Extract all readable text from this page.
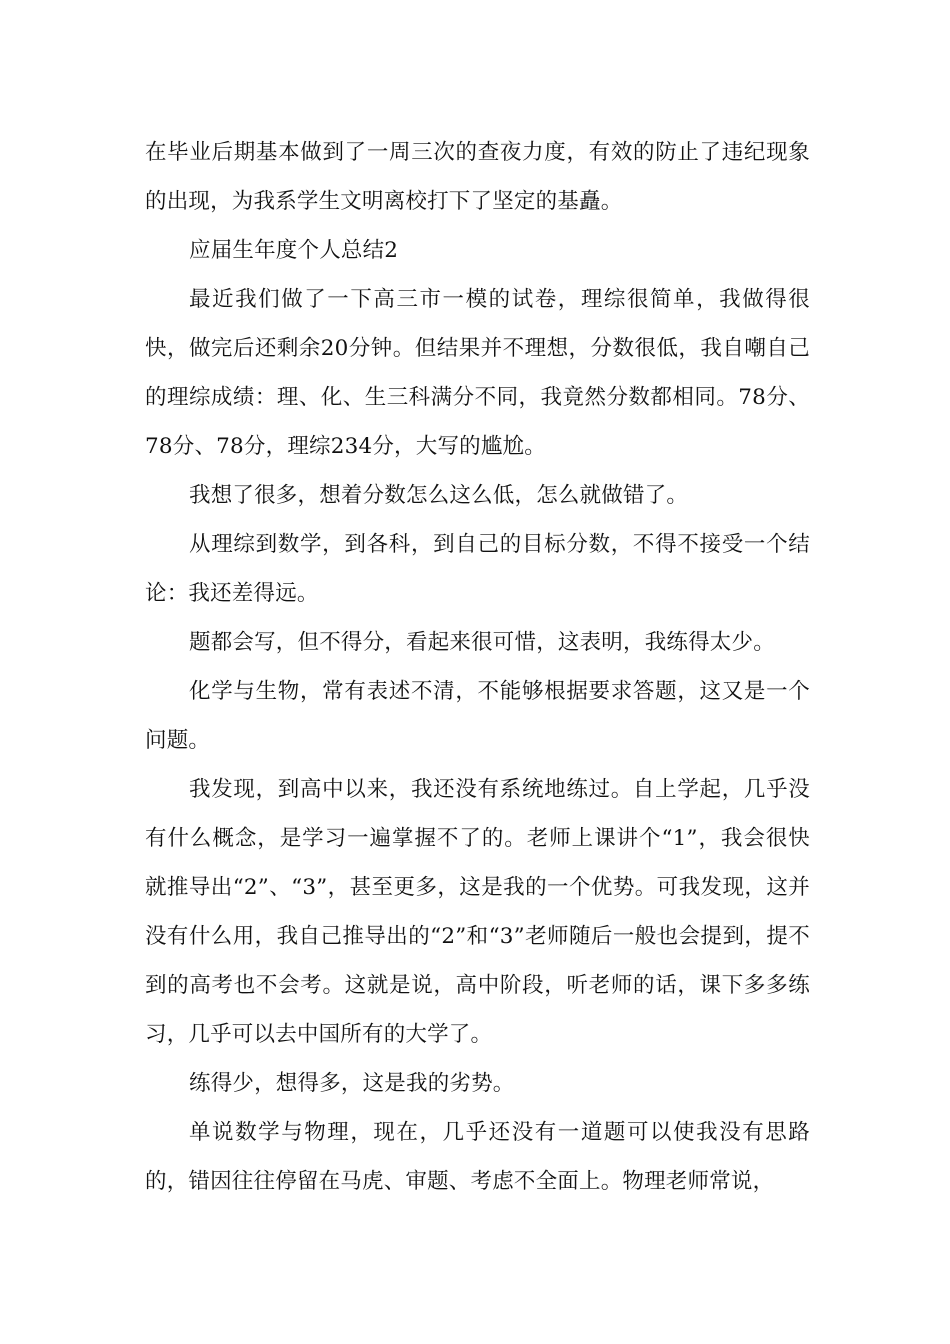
在毕业后期基本做到了一周三次的查夜力度，有效的防止了违纪现象的出现，为我系学生文明离校打下了坚定的基矗。

应届生年度个人总结2

最近我们做了一下高三市一模的试卷，理综很简单，我做得很快，做完后还剩余20分钟。但结果并不理想，分数很低，我自嘲自己的理综成绩：理、化、生三科满分不同，我竟然分数都相同。78分、78分、78分，理综234分，大写的尴尬。

我想了很多，想着分数怎么这么低，怎么就做错了。

从理综到数学，到各科，到自己的目标分数，不得不接受一个结论：我还差得远。

题都会写，但不得分，看起来很可惜，这表明，我练得太少。

化学与生物，常有表述不清，不能够根据要求答题，这又是一个问题。

我发现，到高中以来，我还没有系统地练过。自上学起，几乎没有什么概念，是学习一遍掌握不了的。老师上课讲个“1”，我会很快就推导出“2”、“3”，甚至更多，这是我的一个优势。可我发现，这并没有什么用，我自己推导出的“2”和“3”老师随后一般也会提到，提不到的高考也不会考。这就是说，高中阶段，听老师的话，课下多多练习，几乎可以去中国所有的大学了。

练得少，想得多，这是我的劣势。

单说数学与物理，现在，几乎还没有一道题可以使我没有思路的，错因往往停留在马虎、审题、考虑不全面上。物理老师常说，
